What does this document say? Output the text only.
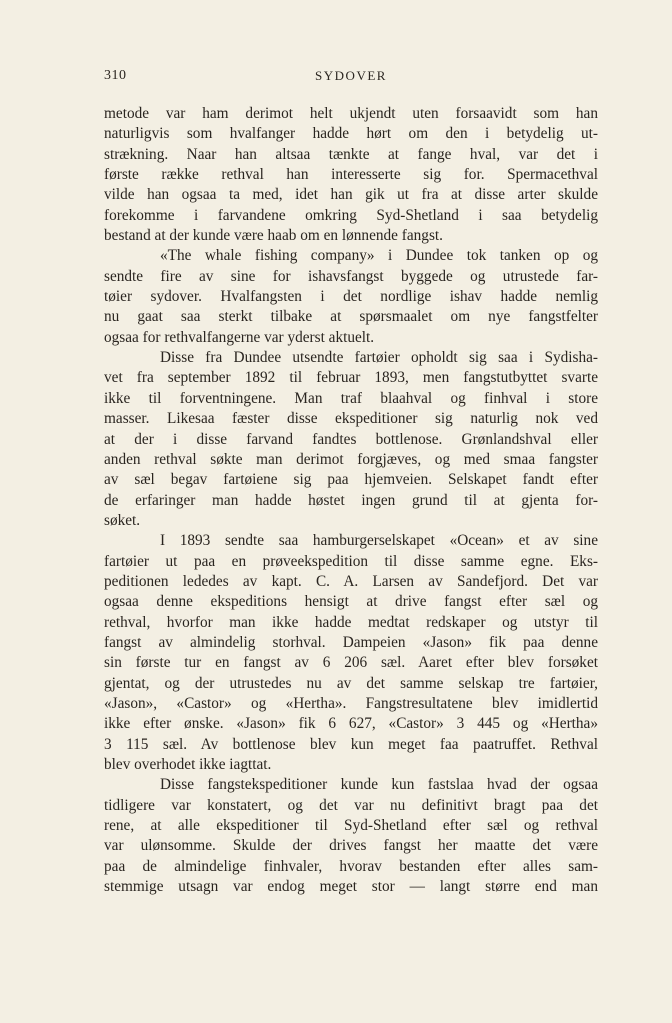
310	SYDOVER
metode var ham derimot helt ukjendt uten forsaavidt som han
naturligvis som hvalfanger hadde hørt om den i betydelig ut-
strækning. Naar han altsaa tænkte at fange hval, var det i
første række rethval han interesserte sig for. Spermacethval
vilde han ogsaa ta med, idet han gik ut fra at disse arter skulde
forekomme i farvandene omkring Syd-Shetland i saa betydelig
bestand at der kunde være haab om en lønnende fangst.
«The whale fishing company» i Dundee tok tanken op og
sendte fire av sine for ishavsfangst byggede og utrustede far-
tøier sydover. Hvalfangsten i det nordlige ishav hadde nemlig
nu gaat saa sterkt tilbake at spørsmaalet om nye fangstfelter
ogsaa for rethvalfangerne var yderst aktuelt.
Disse fra Dundee utsendte fartøier opholdt sig saa i Sydisha-
vet fra september 1892 til februar 1893, men fangstutbyttet svarte
ikke til forventningene. Man traf blaahval og finhval i store
masser. Likesaa fæster disse ekspeditioner sig naturlig nok ved
at der i disse farvand fandtes bottlenose. Grønlandshval eller
anden rethval søkte man derimot forgjæves, og med smaa fangster
av sæl begav fartøiene sig paa hjemveien. Selskapet fandt efter
de erfaringer man hadde høstet ingen grund til at gjenta for-
søket.
I 1893 sendte saa hamburgerselskapet «Ocean» et av sine
fartøier ut paa en prøveekspedition til disse samme egne. Eks-
peditionen lededes av kapt. C. A. Larsen av Sandefjord. Det var
ogsaa denne ekspeditions hensigt at drive fangst efter sæl og
rethval, hvorfor man ikke hadde medtat redskaper og utstyr til
fangst av almindelig storhval. Dampeien «Jason» fik paa denne
sin første tur en fangst av 6 206 sæl. Aaret efter blev forsøket
gjentat, og der utrustedes nu av det samme selskap tre fartøier,
«Jason», «Castor» og «Hertha». Fangstresultatene blev imidlertid
ikke efter ønske. «Jason» fik 6 627, «Castor» 3 445 og «Hertha»
3 115 sæl. Av bottlenose blev kun meget faa paatruffet. Rethval
blev overhodet ikke iagttat.
Disse fangstekspeditioner kunde kun fastslaa hvad der ogsaa
tidligere var konstatert, og det var nu definitivt bragt paa det
rene, at alle ekspeditioner til Syd-Shetland efter sæl og rethval
var ulønsomme. Skulde der drives fangst her maatte det være
paa de almindelige finhvaler, hvorav bestanden efter alles sam-
stemmige utsagn var endog meget stor — langt større end man
